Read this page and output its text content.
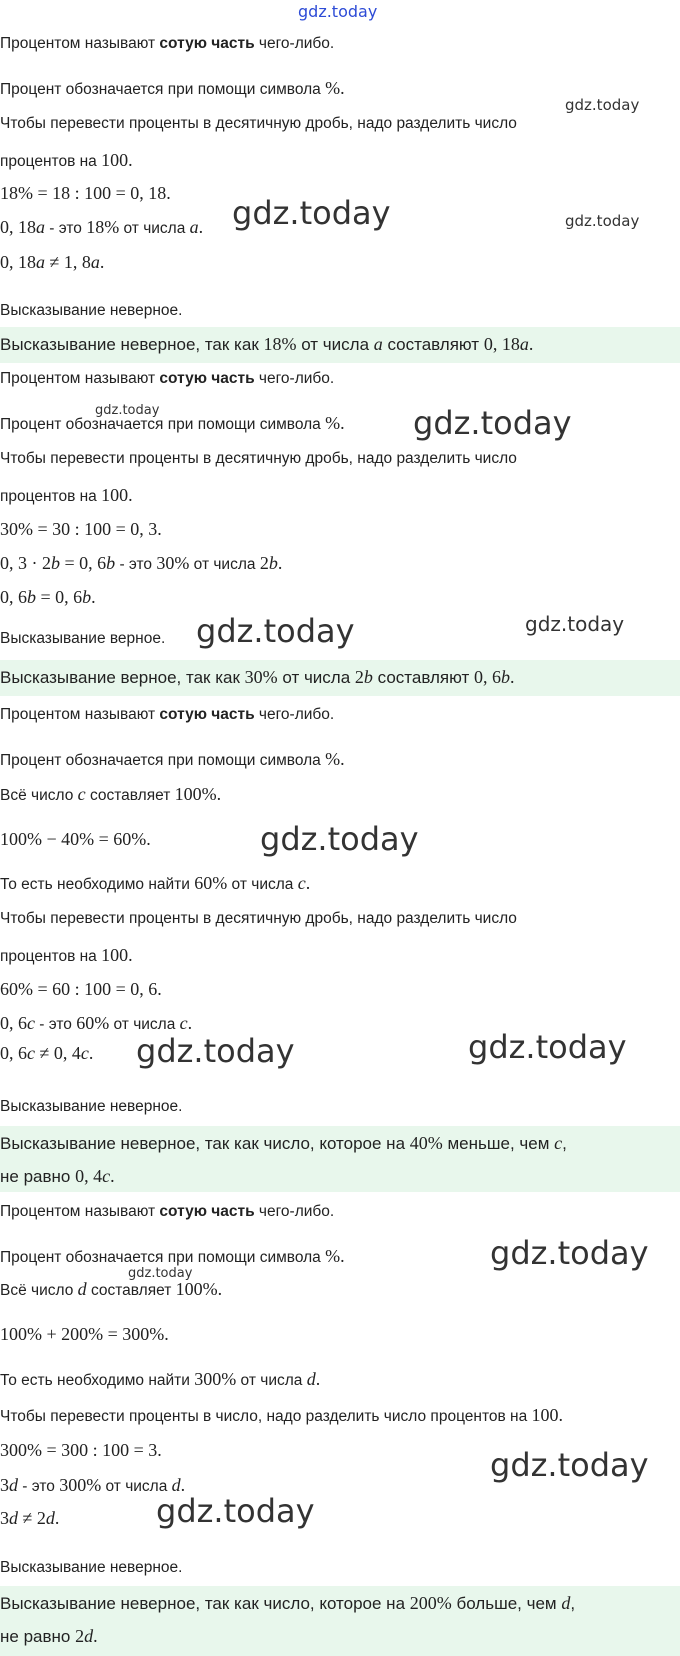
gdz.today
gdz.today
gdz.today	gdz.today
gdz.today	gdz.today
gdz.today	gdz.today
gdz.today
gdz.today	gdz.today
gdz.today
gdz.today
gdz.today
gdz.today
Процентом называют сотую часть чего-либо.
Процент обозначается при помощи символа %.
Чтобы перевести проценты в десятичную дробь, надо разделить число
процентов на 100.
18% = 18 : 100 = 0, 18.
0, 18a - это 18% от числа a.
0, 18a ≠ 1, 8a.
Высказывание неверное.
Высказывание неверное, так как 18% от числа a составляют 0, 18a.
Процентом называют сотую часть чего-либо.
Процент обозначается при помощи символа %.
Чтобы перевести проценты в десятичную дробь, надо разделить число
процентов на 100.
30% = 30 : 100 = 0, 3.
0, 3 · 2b = 0, 6b - это 30% от числа 2b.
0, 6b = 0, 6b.
Высказывание верное.
Высказывание верное, так как 30% от числа 2b составляют 0, 6b.
Процентом называют сотую часть чего-либо.
Процент обозначается при помощи символа %.
Всё число c составляет 100%.
100% − 40% = 60%.
То есть необходимо найти 60% от числа c.
Чтобы перевести проценты в десятичную дробь, надо разделить число
процентов на 100.
60% = 60 : 100 = 0, 6.
0, 6c - это 60% от числа c.
0, 6c ≠ 0, 4c.
Высказывание неверное.
Высказывание неверное, так как число, которое на 40% меньше, чем c,
не равно 0, 4c.
Процентом называют сотую часть чего-либо.
Процент обозначается при помощи символа %.
Всё число d составляет 100%.
100% + 200% = 300%.
То есть необходимо найти 300% от числа d.
Чтобы перевести проценты в число, надо разделить число процентов на 100.
300% = 300 : 100 = 3.
3d - это 300% от числа d.
3d ≠ 2d.
Высказывание неверное.
Высказывание неверное, так как число, которое на 200% больше, чем d,
не равно 2d.
